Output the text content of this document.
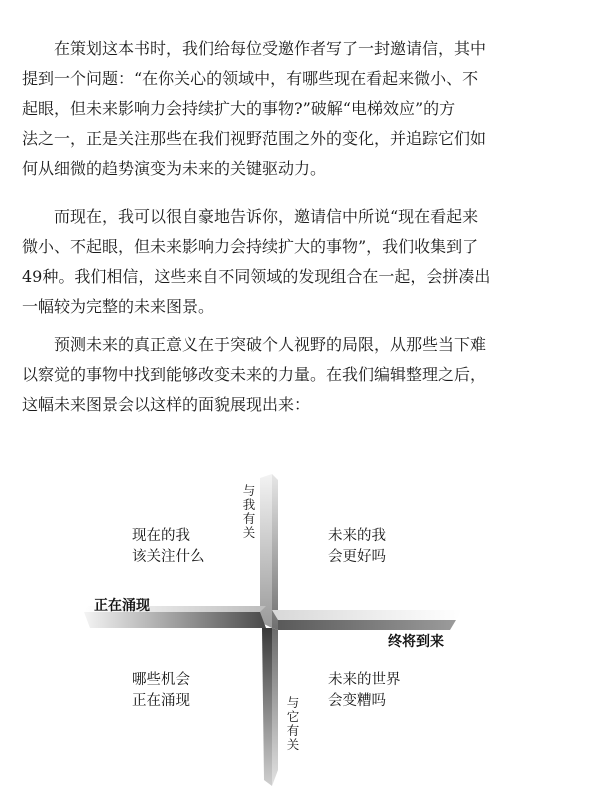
在策划这本书时，我们给每位受邀作者写了一封邀请信，其中
提到一个问题：“在你关心的领域中，有哪些现在看起来微小、不
起眼，但未来影响力会持续扩大的事物?”破解“电梯效应”的方
法之一，正是关注那些在我们视野范围之外的变化，并追踪它们如
何从细微的趋势演变为未来的关键驱动力。
而现在，我可以很自豪地告诉你，邀请信中所说“现在看起来
微小、不起眼，但未来影响力会持续扩大的事物”，我们收集到了
49种。我们相信，这些来自不同领域的发现组合在一起，会拼凑出
一幅较为完整的未来图景。
预测未来的真正意义在于突破个人视野的局限，从那些当下难
以察觉的事物中找到能够改变未来的力量。在我们编辑整理之后，
这幅未来图景会以这样的面貌展现出来：
与
我
有
关
与
它
有
关
正在涌现
终将到来
现在的我
该关注什么
未来的我
会更好吗
哪些机会
正在涌现
未来的世界
会变糟吗
